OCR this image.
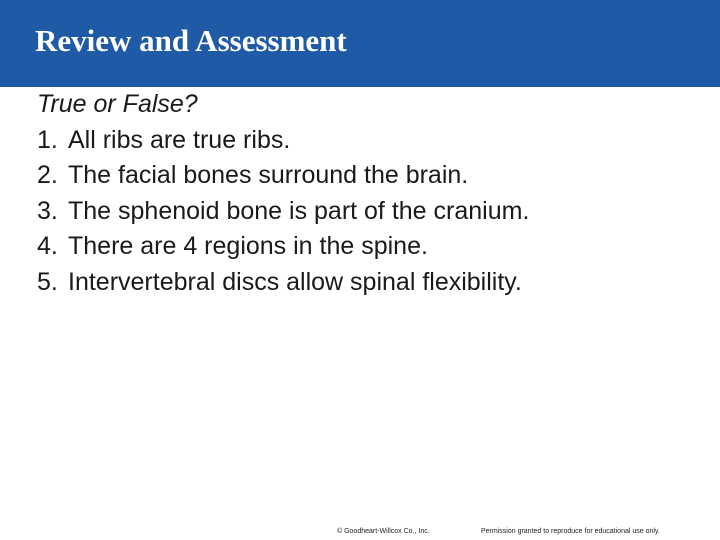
Review and Assessment
True or False?
1. All ribs are true ribs.
2. The facial bones surround the brain.
3. The sphenoid bone is part of the cranium.
4. There are 4 regions in the spine.
5. Intervertebral discs allow spinal flexibility.
© Goodheart-Willcox Co., Inc.	Permission granted to reproduce for educational use only.
